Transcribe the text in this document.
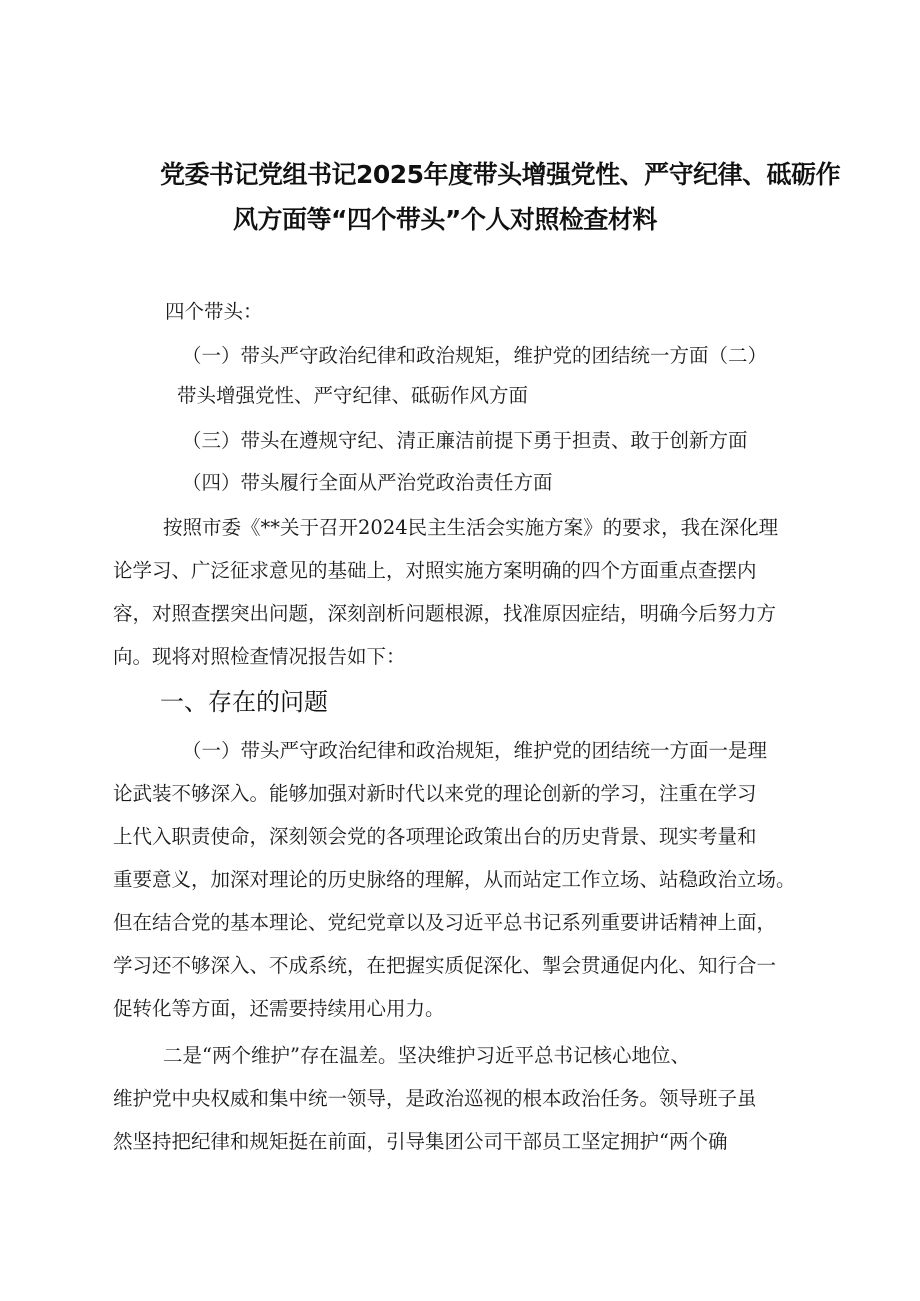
党委书记党组书记2025年度带头增强党性、严守纪律、砥砺作
风方面等“四个带头”个人对照检查材料
四个带头：
（一）带头严守政治纪律和政治规矩，维护党的团结统一方面（二）
带头增强党性、严守纪律、砥砺作风方面
（三）带头在遵规守纪、清正廉洁前提下勇于担责、敢于创新方面
（四）带头履行全面从严治党政治责任方面
按照市委《**关于召开2024民主生活会实施方案》的要求，我在深化理
论学习、广泛征求意见的基础上，对照实施方案明确的四个方面重点查摆内
容，对照查摆突出问题，深刻剖析问题根源，找准原因症结，明确今后努力方
向。现将对照检查情况报告如下：
一、存在的问题
（一）带头严守政治纪律和政治规矩，维护党的团结统一方面一是理
论武装不够深入。能够加强对新时代以来党的理论创新的学习，注重在学习
上代入职责使命，深刻领会党的各项理论政策出台的历史背景、现实考量和
重要意义，加深对理论的历史脉络的理解，从而站定工作立场、站稳政治立场。
但在结合党的基本理论、党纪党章以及习近平总书记系列重要讲话精神上面，
学习还不够深入、不成系统，在把握实质促深化、掣会贯通促内化、知行合一
促转化等方面，还需要持续用心用力。
二是“两个维护”存在温差。坚决维护习近平总书记核心地位、
维护党中央权威和集中统一领导，是政治巡视的根本政治任务。领导班子虽
然坚持把纪律和规矩挺在前面，引导集团公司干部员工坚定拥护“两个确
